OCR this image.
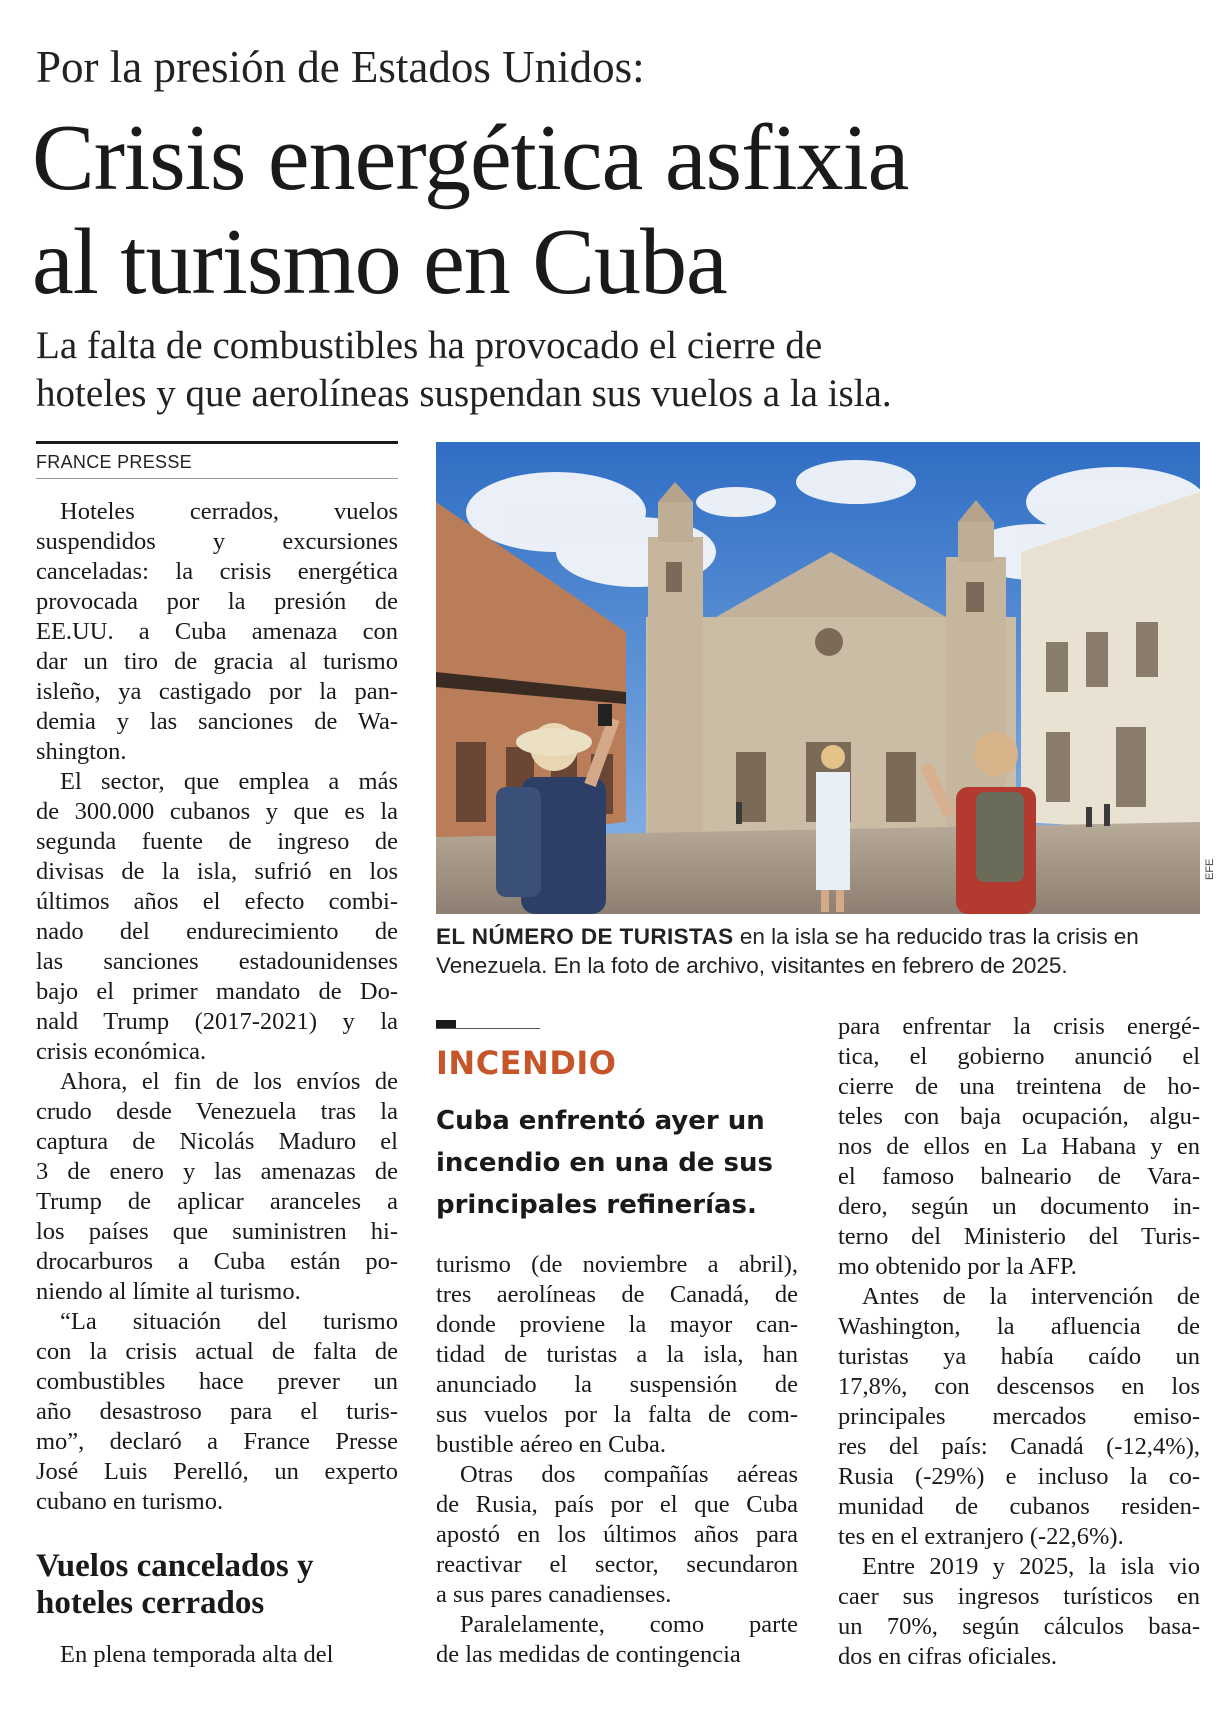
Por la presión de Estados Unidos:
Crisis energética asfixia
al turismo en Cuba
La falta de combustibles ha provocado el cierre de
hoteles y que aerolíneas suspendan sus vuelos a la isla.
FRANCE PRESSE
Hoteles cerrados, vuelos
suspendidos y excursiones
canceladas: la crisis energética
provocada por la presión de
EE.UU. a Cuba amenaza con
dar un tiro de gracia al turismo
isleño, ya castigado por la pan-
demia y las sanciones de Wa-
shington.
El sector, que emplea a más
de 300.000 cubanos y que es la
segunda fuente de ingreso de
divisas de la isla, sufrió en los
últimos años el efecto combi-
nado del endurecimiento de
las sanciones estadounidenses
bajo el primer mandato de Do-
nald Trump (2017-2021) y la
crisis económica.
Ahora, el fin de los envíos de
crudo desde Venezuela tras la
captura de Nicolás Maduro el
3 de enero y las amenazas de
Trump de aplicar aranceles a
los países que suministren hi-
drocarburos a Cuba están po-
niendo al límite al turismo.
“La situación del turismo
con la crisis actual de falta de
combustibles hace prever un
año desastroso para el turis-
mo”, declaró a France Presse
José Luis Perelló, un experto
cubano en turismo.
Vuelos cancelados y
hoteles cerrados
En plena temporada alta del
EFE
EL NÚMERO DE TURISTAS en la isla se ha reducido tras la crisis en
Venezuela. En la foto de archivo, visitantes en febrero de 2025.
INCENDIO
Cuba enfrentó ayer un
incendio en una de sus
principales refinerías.
turismo (de noviembre a abril),
tres aerolíneas de Canadá, de
donde proviene la mayor can-
tidad de turistas a la isla, han
anunciado la suspensión de
sus vuelos por la falta de com-
bustible aéreo en Cuba.
Otras dos compañías aéreas
de Rusia, país por el que Cuba
apostó en los últimos años para
reactivar el sector, secundaron
a sus pares canadienses.
Paralelamente, como parte
de las medidas de contingencia
para enfrentar la crisis energé-
tica, el gobierno anunció el
cierre de una treintena de ho-
teles con baja ocupación, algu-
nos de ellos en La Habana y en
el famoso balneario de Vara-
dero, según un documento in-
terno del Ministerio del Turis-
mo obtenido por la AFP.
Antes de la intervención de
Washington, la afluencia de
turistas ya había caído un
17,8%, con descensos en los
principales mercados emiso-
res del país: Canadá (-12,4%),
Rusia (-29%) e incluso la co-
munidad de cubanos residen-
tes en el extranjero (-22,6%).
Entre 2019 y 2025, la isla vio
caer sus ingresos turísticos en
un 70%, según cálculos basa-
dos en cifras oficiales.
